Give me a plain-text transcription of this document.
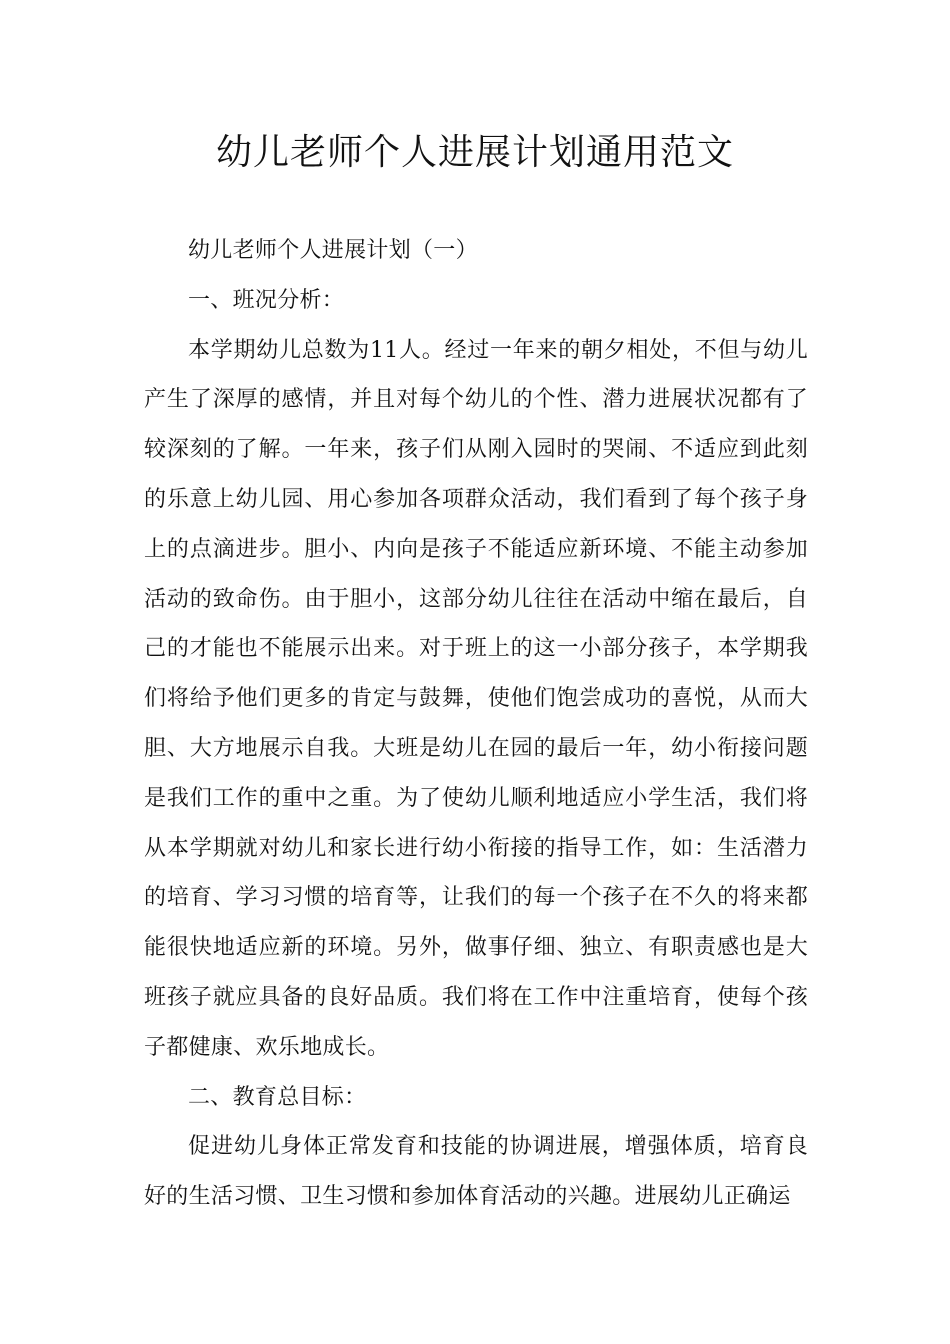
幼儿老师个人进展计划通用范文

幼儿老师个人进展计划（一）

一、班况分析：

本学期幼儿总数为11人。经过一年来的朝夕相处，不但与幼儿产生了深厚的感情，并且对每个幼儿的个性、潜力进展状况都有了较深刻的了解。一年来，孩子们从刚入园时的哭闹、不适应到此刻的乐意上幼儿园、用心参加各项群众活动，我们看到了每个孩子身上的点滴进步。胆小、内向是孩子不能适应新环境、不能主动参加活动的致命伤。由于胆小，这部分幼儿往往在活动中缩在最后，自己的才能也不能展示出来。对于班上的这一小部分孩子，本学期我们将给予他们更多的肯定与鼓舞，使他们饱尝成功的喜悦，从而大胆、大方地展示自我。大班是幼儿在园的最后一年，幼小衔接问题是我们工作的重中之重。为了使幼儿顺利地适应小学生活，我们将从本学期就对幼儿和家长进行幼小衔接的指导工作，如：生活潜力的培育、学习习惯的培育等，让我们的每一个孩子在不久的将来都能很快地适应新的环境。另外，做事仔细、独立、有职责感也是大班孩子就应具备的良好品质。我们将在工作中注重培育，使每个孩子都健康、欢乐地成长。

二、教育总目标：

促进幼儿身体正常发育和技能的协调进展，增强体质，培育良好的生活习惯、卫生习惯和参加体育活动的兴趣。进展幼儿正确运
